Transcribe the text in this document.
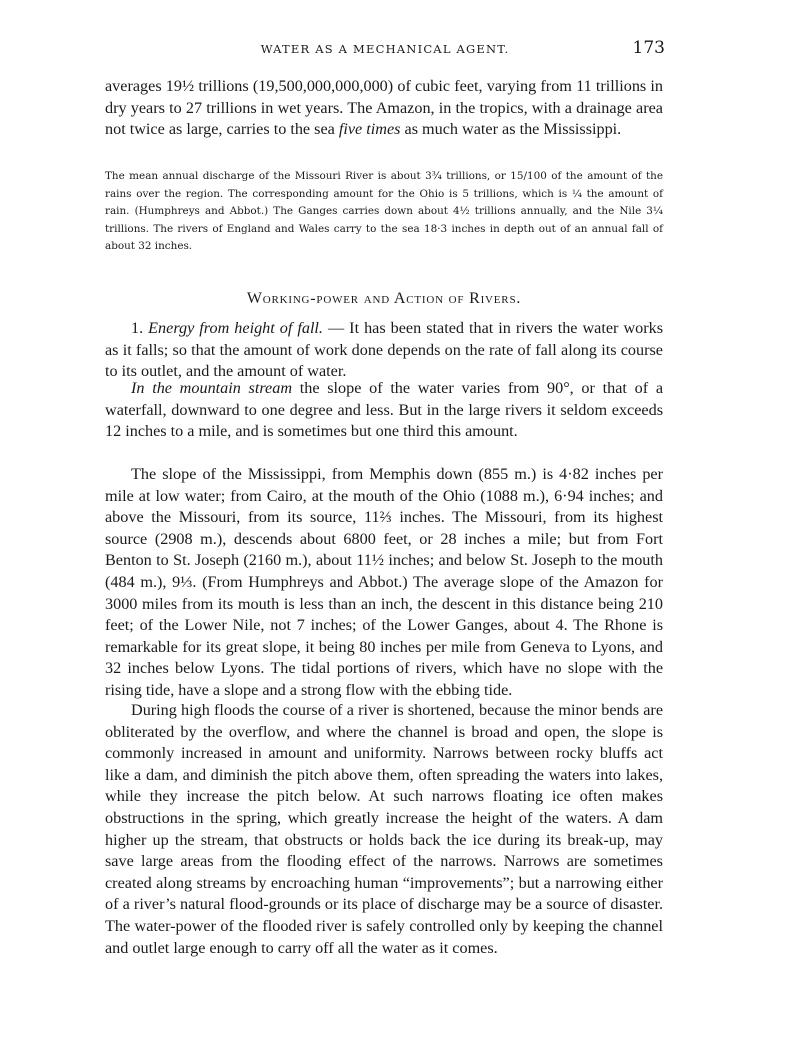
WATER AS A MECHANICAL AGENT.	173

averages 19½ trillions (19,500,000,000,000) of cubic feet, varying from 11 trillions in dry years to 27 trillions in wet years. The Amazon, in the tropics, with a drainage area not twice as large, carries to the sea five times as much water as the Mississippi.

The mean annual discharge of the Missouri River is about 3¾ trillions, or 15/100 of the amount of the rains over the region. The corresponding amount for the Ohio is 5 trillions, which is ¼ the amount of rain. (Humphreys and Abbot.) The Ganges carries down about 4½ trillions annually, and the Nile 3¼ trillions. The rivers of England and Wales carry to the sea 18·3 inches in depth out of an annual fall of about 32 inches.

Working-power and Action of Rivers.

1. Energy from height of fall. — It has been stated that in rivers the water works as it falls; so that the amount of work done depends on the rate of fall along its course to its outlet, and the amount of water.

In the mountain stream the slope of the water varies from 90°, or that of a waterfall, downward to one degree and less. But in the large rivers it seldom exceeds 12 inches to a mile, and is sometimes but one third this amount.

The slope of the Mississippi, from Memphis down (855 m.) is 4·82 inches per mile at low water; from Cairo, at the mouth of the Ohio (1088 m.), 6·94 inches; and above the Missouri, from its source, 11⅔ inches. The Missouri, from its highest source (2908 m.), descends about 6800 feet, or 28 inches a mile; but from Fort Benton to St. Joseph (2160 m.), about 11½ inches; and below St. Joseph to the mouth (484 m.), 9⅓. (From Humphreys and Abbot.) The average slope of the Amazon for 3000 miles from its mouth is less than an inch, the descent in this distance being 210 feet; of the Lower Nile, not 7 inches; of the Lower Ganges, about 4. The Rhone is remarkable for its great slope, it being 80 inches per mile from Geneva to Lyons, and 32 inches below Lyons. The tidal portions of rivers, which have no slope with the rising tide, have a slope and a strong flow with the ebbing tide.

During high floods the course of a river is shortened, because the minor bends are obliterated by the overflow, and where the channel is broad and open, the slope is commonly increased in amount and uniformity. Narrows between rocky bluffs act like a dam, and diminish the pitch above them, often spreading the waters into lakes, while they increase the pitch below. At such narrows floating ice often makes obstructions in the spring, which greatly increase the height of the waters. A dam higher up the stream, that obstructs or holds back the ice during its break-up, may save large areas from the flooding effect of the narrows. Narrows are sometimes created along streams by encroaching human “improvements”; but a narrowing either of a river’s natural flood-grounds or its place of discharge may be a source of disaster. The water-power of the flooded river is safely controlled only by keeping the channel and outlet large enough to carry off all the water as it comes.
